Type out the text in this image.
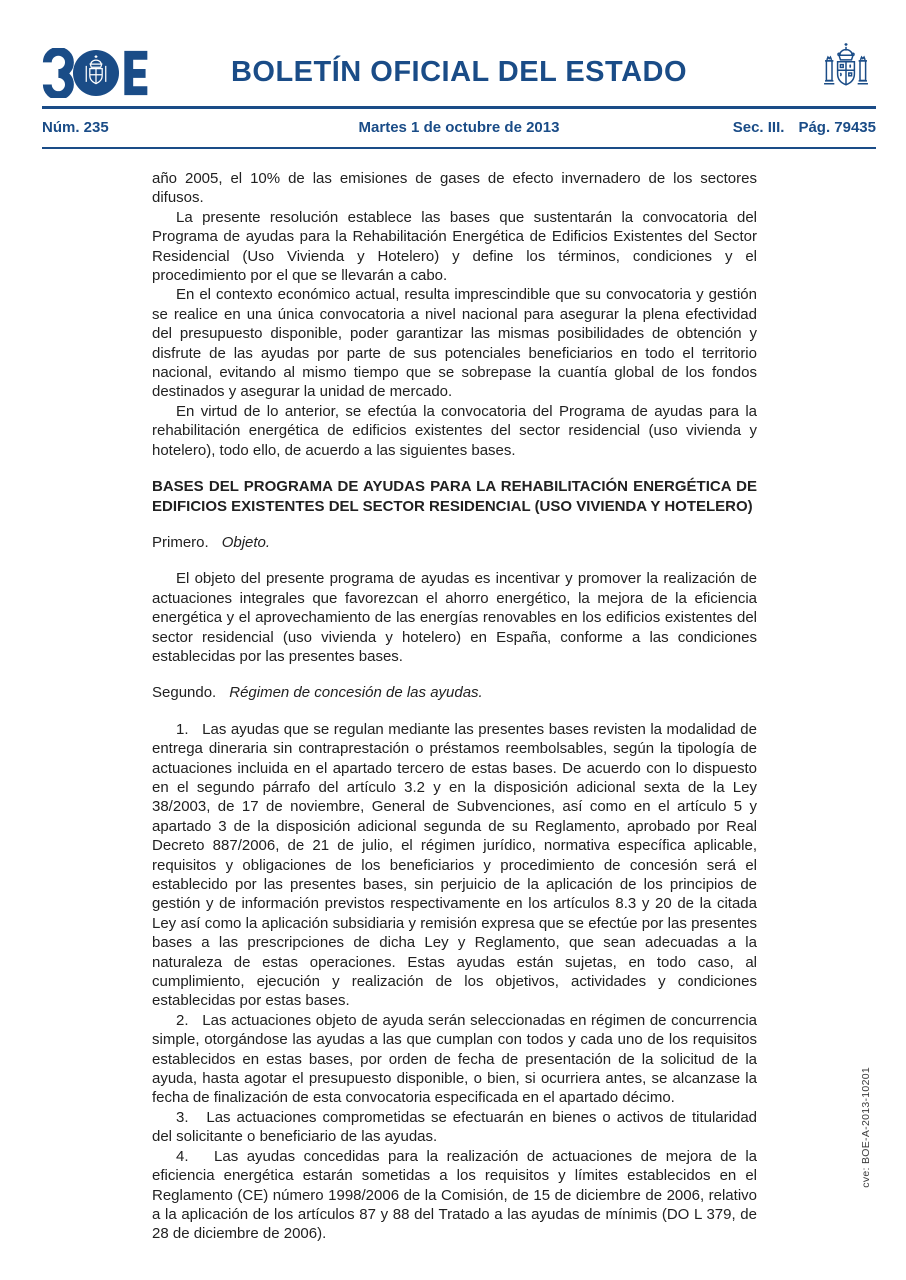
BOLETÍN OFICIAL DEL ESTADO
Núm. 235	Martes 1 de octubre de 2013	Sec. III. Pág. 79435

año 2005, el 10% de las emisiones de gases de efecto invernadero de los sectores difusos.

La presente resolución establece las bases que sustentarán la convocatoria del Programa de ayudas para la Rehabilitación Energética de Edificios Existentes del Sector Residencial (Uso Vivienda y Hotelero) y define los términos, condiciones y el procedimiento por el que se llevarán a cabo.

En el contexto económico actual, resulta imprescindible que su convocatoria y gestión se realice en una única convocatoria a nivel nacional para asegurar la plena efectividad del presupuesto disponible, poder garantizar las mismas posibilidades de obtención y disfrute de las ayudas por parte de sus potenciales beneficiarios en todo el territorio nacional, evitando al mismo tiempo que se sobrepase la cuantía global de los fondos destinados y asegurar la unidad de mercado.

En virtud de lo anterior, se efectúa la convocatoria del Programa de ayudas para la rehabilitación energética de edificios existentes del sector residencial (uso vivienda y hotelero), todo ello, de acuerdo a las siguientes bases.

BASES DEL PROGRAMA DE AYUDAS PARA LA REHABILITACIÓN ENERGÉTICA DE EDIFICIOS EXISTENTES DEL SECTOR RESIDENCIAL (USO VIVIENDA Y HOTELERO)
Primero. Objeto.

El objeto del presente programa de ayudas es incentivar y promover la realización de actuaciones integrales que favorezcan el ahorro energético, la mejora de la eficiencia energética y el aprovechamiento de las energías renovables en los edificios existentes del sector residencial (uso vivienda y hotelero) en España, conforme a las condiciones establecidas por las presentes bases.

Segundo. Régimen de concesión de las ayudas.

1.   Las ayudas que se regulan mediante las presentes bases revisten la modalidad de entrega dineraria sin contraprestación o préstamos reembolsables, según la tipología de actuaciones incluida en el apartado tercero de estas bases. De acuerdo con lo dispuesto en el segundo párrafo del artículo 3.2 y en la disposición adicional sexta de la Ley 38/2003, de 17 de noviembre, General de Subvenciones, así como en el artículo 5 y apartado 3 de la disposición adicional segunda de su Reglamento, aprobado por Real Decreto 887/2006, de 21 de julio, el régimen jurídico, normativa específica aplicable, requisitos y obligaciones de los beneficiarios y procedimiento de concesión será el establecido por las presentes bases, sin perjuicio de la aplicación de los principios de gestión y de información previstos respectivamente en los artículos 8.3 y 20 de la citada Ley así como la aplicación subsidiaria y remisión expresa que se efectúe por las presentes bases a las prescripciones de dicha Ley y Reglamento, que sean adecuadas a la naturaleza de estas operaciones. Estas ayudas están sujetas, en todo caso, al cumplimiento, ejecución y realización de los objetivos, actividades y condiciones establecidas por estas bases.

2.   Las actuaciones objeto de ayuda serán seleccionadas en régimen de concurrencia simple, otorgándose las ayudas a las que cumplan con todos y cada uno de los requisitos establecidos en estas bases, por orden de fecha de presentación de la solicitud de la ayuda, hasta agotar el presupuesto disponible, o bien, si ocurriera antes, se alcanzase la fecha de finalización de esta convocatoria especificada en el apartado décimo.

3.   Las actuaciones comprometidas se efectuarán en bienes o activos de titularidad del solicitante o beneficiario de las ayudas.

4.   Las ayudas concedidas para la realización de actuaciones de mejora de la eficiencia energética estarán sometidas a los requisitos y límites establecidos en el Reglamento (CE) número 1998/2006 de la Comisión, de 15 de diciembre de 2006, relativo a la aplicación de los artículos 87 y 88 del Tratado a las ayudas de mínimis (DO L 379, de 28 de diciembre de 2006).

cve: BOE-A-2013-10201
